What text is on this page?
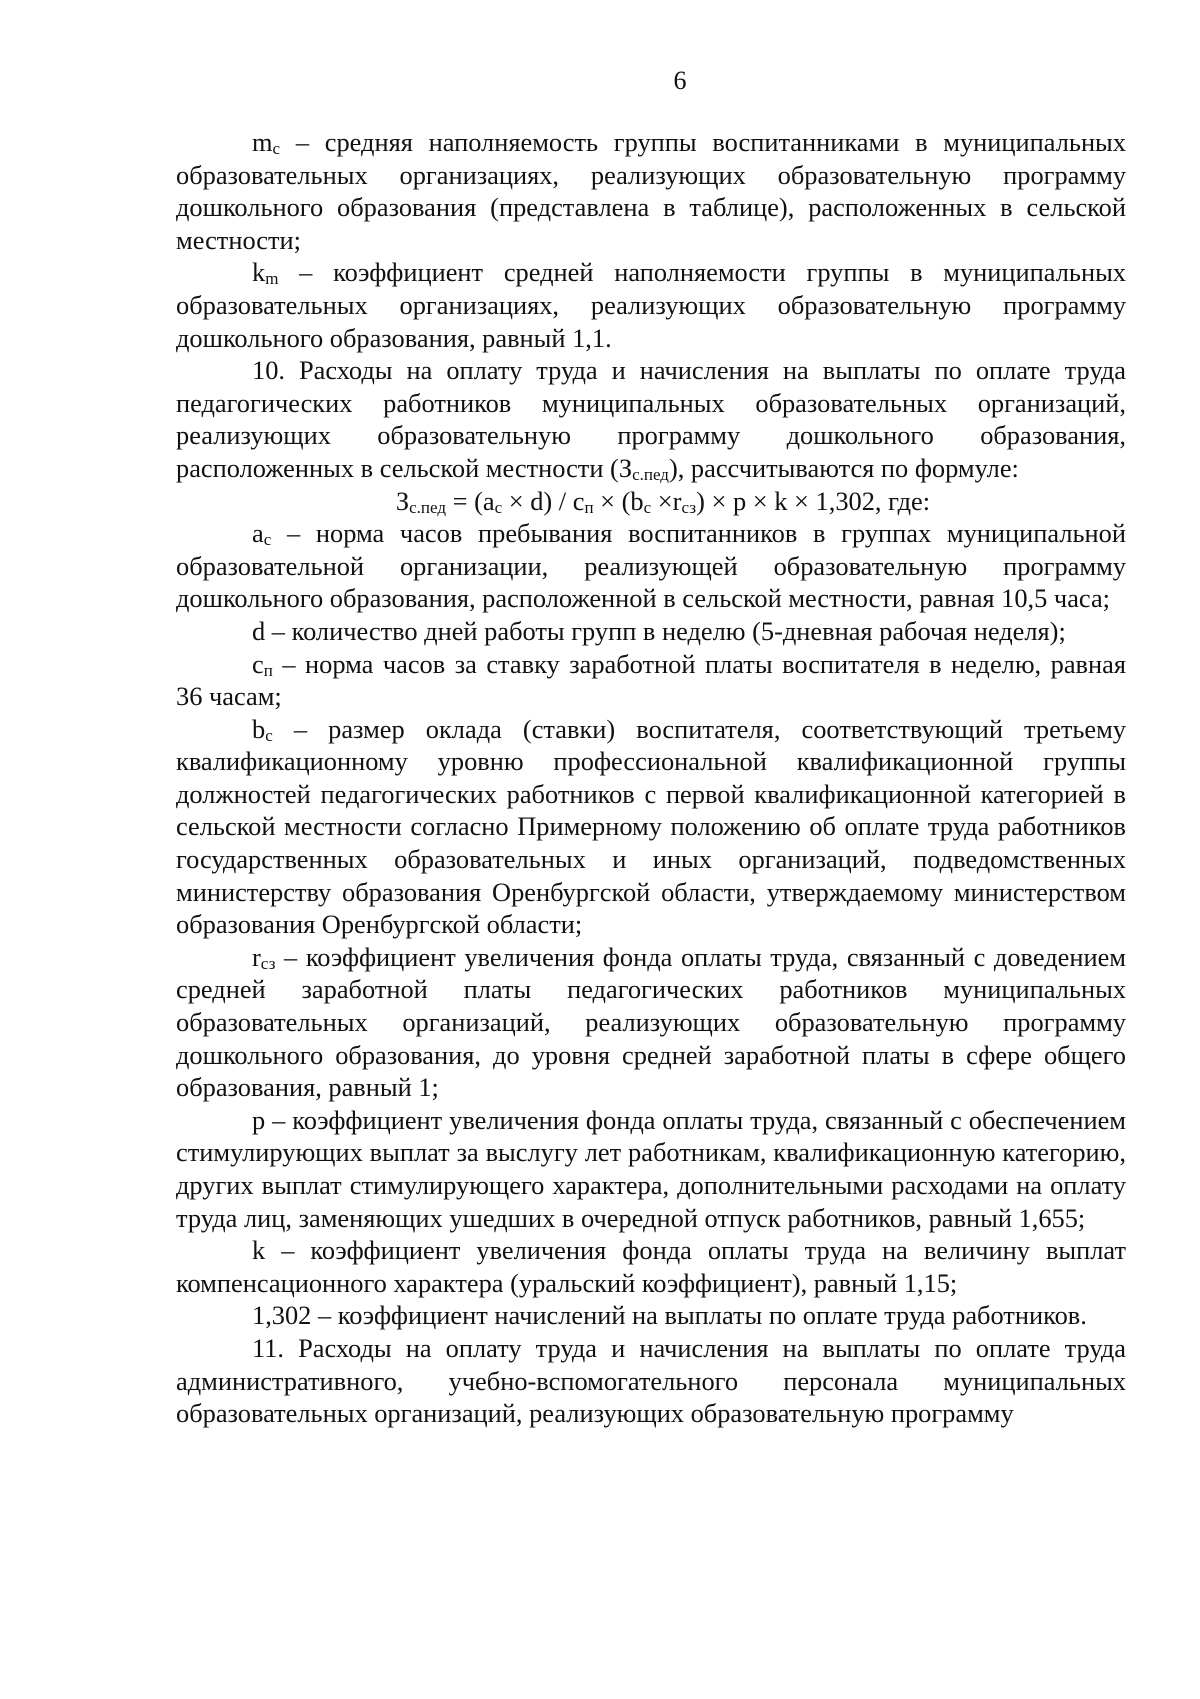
6

$m_c$ – средняя наполняемость группы воспитанниками в муниципальных образовательных организациях, реализующих образовательную программу дошкольного образования (представлена в таблице), расположенных в сельской местности;

$k_m$ – коэффициент средней наполняемости группы в муниципальных образовательных организациях, реализующих образовательную программу дошкольного образования, равный 1,1.

10. Расходы на оплату труда и начисления на выплаты по оплате труда педагогических работников муниципальных образовательных организаций, реализующих образовательную программу дошкольного образования, расположенных в сельской местности $(З_{с.пед})$, рассчитываются по формуле:

$З_{с.пед} = (a_c \times d) / c_п \times (b_c \times r_{сз}) \times p \times k \times 1,302$, где:

$a_c$ – норма часов пребывания воспитанников в группах муниципальной образовательной организации, реализующей образовательную программу дошкольного образования, расположенной в сельской местности, равная 10,5 часа;

d – количество дней работы групп в неделю (5-дневная рабочая неделя);

$c_п$ – норма часов за ставку заработной платы воспитателя в неделю, равная 36 часам;

$b_c$ – размер оклада (ставки) воспитателя, соответствующий третьему квалификационному уровню профессиональной квалификационной группы должностей педагогических работников с первой квалификационной категорией в сельской местности согласно Примерному положению об оплате труда работников государственных образовательных и иных организаций, подведомственных министерству образования Оренбургской области, утверждаемому министерством образования Оренбургской области;

$r_{сз}$ – коэффициент увеличения фонда оплаты труда, связанный с доведением средней заработной платы педагогических работников муниципальных образовательных организаций, реализующих образовательную программу дошкольного образования, до уровня средней заработной платы в сфере общего образования, равный 1;

p – коэффициент увеличения фонда оплаты труда, связанный с обеспечением стимулирующих выплат за выслугу лет работникам, квалификационную категорию, других выплат стимулирующего характера, дополнительными расходами на оплату труда лиц, заменяющих ушедших в очередной отпуск работников, равный 1,655;

k – коэффициент увеличения фонда оплаты труда на величину выплат компенсационного характера (уральский коэффициент), равный 1,15;

1,302 – коэффициент начислений на выплаты по оплате труда работников.

11. Расходы на оплату труда и начисления на выплаты по оплате труда административного, учебно-вспомогательного персонала муниципальных образовательных организаций, реализующих образовательную программу
